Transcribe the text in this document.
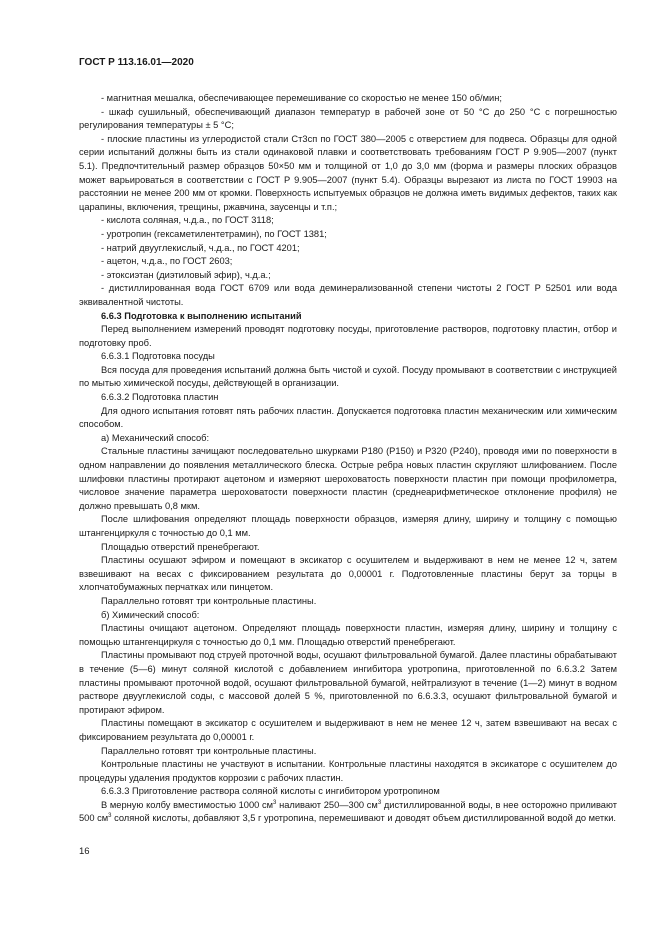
ГОСТ Р 113.16.01—2020

- магнитная мешалка, обеспечивающее перемешивание со скоростью не менее 150 об/мин;

- шкаф сушильный, обеспечивающий диапазон температур в рабочей зоне от 50 °С до 250 °С с погрешностью регулирования температуры ± 5 °С;

- плоские пластины из углеродистой стали Ст3сп по ГОСТ 380—2005 с отверстием для подвеса. Образцы для одной серии испытаний должны быть из стали одинаковой плавки и соответствовать требованиям ГОСТ Р 9.905—2007 (пункт 5.1). Предпочтительный размер образцов 50×50 мм и толщиной от 1,0 до 3,0 мм (форма и размеры плоских образцов может варьироваться в соответствии с ГОСТ Р 9.905—2007 (пункт 5.4). Образцы вырезают из листа по ГОСТ 19903 на расстоянии не менее 200 мм от кромки. Поверхность испытуемых образцов не должна иметь видимых дефектов, таких как царапины, включения, трещины, ржавчина, заусенцы и т.п.;

- кислота соляная, ч.д.а., по ГОСТ 3118;

- уротропин (гексаметилентетрамин), по ГОСТ 1381;

- натрий двууглекислый, ч.д.а., по ГОСТ 4201;

- ацетон, ч.д.а., по ГОСТ 2603;

- этоксиэтан (диэтиловый эфир), ч.д.а.;

- дистиллированная вода ГОСТ 6709 или вода деминерализованной степени чистоты 2 ГОСТ Р 52501 или вода эквивалентной чистоты.

6.6.3 Подготовка к выполнению испытаний

Перед выполнением измерений проводят подготовку посуды, приготовление растворов, подготовку пластин, отбор и подготовку проб.

6.6.3.1 Подготовка посуды

Вся посуда для проведения испытаний должна быть чистой и сухой. Посуду промывают в соответствии с инструкцией по мытью химической посуды, действующей в организации.

6.6.3.2 Подготовка пластин

Для одного испытания готовят пять рабочих пластин. Допускается подготовка пластин механическим или химическим способом.

а) Механический способ:

Стальные пластины зачищают последовательно шкурками Р180 (Р150) и Р320 (Р240), проводя ими по поверхности в одном направлении до появления металлического блеска. Острые ребра новых пластин скругляют шлифованием. После шлифовки пластины протирают ацетоном и измеряют шероховатость поверхности пластин при помощи профилометра, числовое значение параметра шероховатости поверхности пластин (среднеарифметическое отклонение профиля) не должно превышать 0,8 мкм.

После шлифования определяют площадь поверхности образцов, измеряя длину, ширину и толщину с помощью штангенциркуля с точностью до 0,1 мм.

Площадью отверстий пренебрегают.

Пластины осушают эфиром и помещают в эксикатор с осушителем и выдерживают в нем не менее 12 ч, затем взвешивают на весах с фиксированием результата до 0,00001 г. Подготовленные пластины берут за торцы в хлопчатобумажных перчатках или пинцетом.

Параллельно готовят три контрольные пластины.

б) Химический способ:

Пластины очищают ацетоном. Определяют площадь поверхности пластин, измеряя длину, ширину и толщину с помощью штангенциркуля с точностью до 0,1 мм. Площадью отверстий пренебрегают.

Пластины промывают под струей проточной воды, осушают фильтровальной бумагой. Далее пластины обрабатывают в течение (5—6) минут соляной кислотой с добавлением ингибитора уротропина, приготовленной по 6.6.3.2 Затем пластины промывают проточной водой, осушают фильтровальной бумагой, нейтрализуют в течение (1—2) минут в водном растворе двууглекислой соды, с массовой долей 5 %, приготовленной по 6.6.3.3, осушают фильтровальной бумагой и протирают эфиром.

Пластины помещают в эксикатор с осушителем и выдерживают в нем не менее 12 ч, затем взвешивают на весах с фиксированием результата до 0,00001 г.

Параллельно готовят три контрольные пластины.

Контрольные пластины не участвуют в испытании. Контрольные пластины находятся в эксикаторе с осушителем до процедуры удаления продуктов коррозии с рабочих пластин.

6.6.3.3 Приготовление раствора соляной кислоты с ингибитором уротропином

В мерную колбу вместимостью 1000 $см^3$ наливают 250—300 $см^3$ дистиллированной воды, в нее осторожно приливают 500 $см^3$ соляной кислоты, добавляют 3,5 г уротропина, перемешивают и доводят объем дистиллированной водой до метки.

16
